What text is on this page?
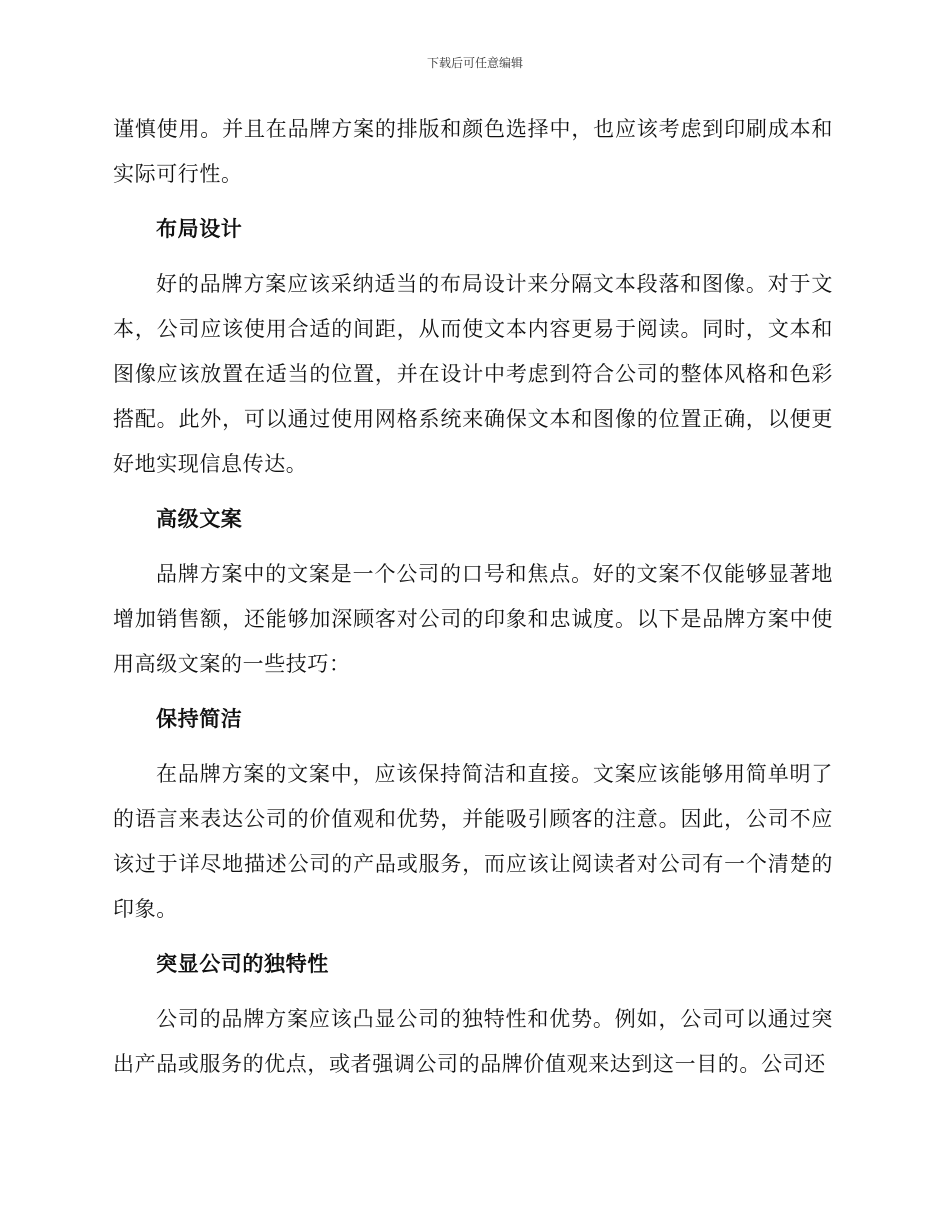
下载后可任意编辑

谨慎使用。并且在品牌方案的排版和颜色选择中，也应该考虑到印刷成本和实际可行性。

布局设计

好的品牌方案应该采纳适当的布局设计来分隔文本段落和图像。对于文本，公司应该使用合适的间距，从而使文本内容更易于阅读。同时，文本和图像应该放置在适当的位置，并在设计中考虑到符合公司的整体风格和色彩搭配。此外，可以通过使用网格系统来确保文本和图像的位置正确，以便更好地实现信息传达。

高级文案

品牌方案中的文案是一个公司的口号和焦点。好的文案不仅能够显著地增加销售额，还能够加深顾客对公司的印象和忠诚度。以下是品牌方案中使用高级文案的一些技巧：

保持简洁

在品牌方案的文案中，应该保持简洁和直接。文案应该能够用简单明了的语言来表达公司的价值观和优势，并能吸引顾客的注意。因此，公司不应该过于详尽地描述公司的产品或服务，而应该让阅读者对公司有一个清楚的印象。

突显公司的独特性

公司的品牌方案应该凸显公司的独特性和优势。例如，公司可以通过突出产品或服务的优点，或者强调公司的品牌价值观来达到这一目的。公司还
